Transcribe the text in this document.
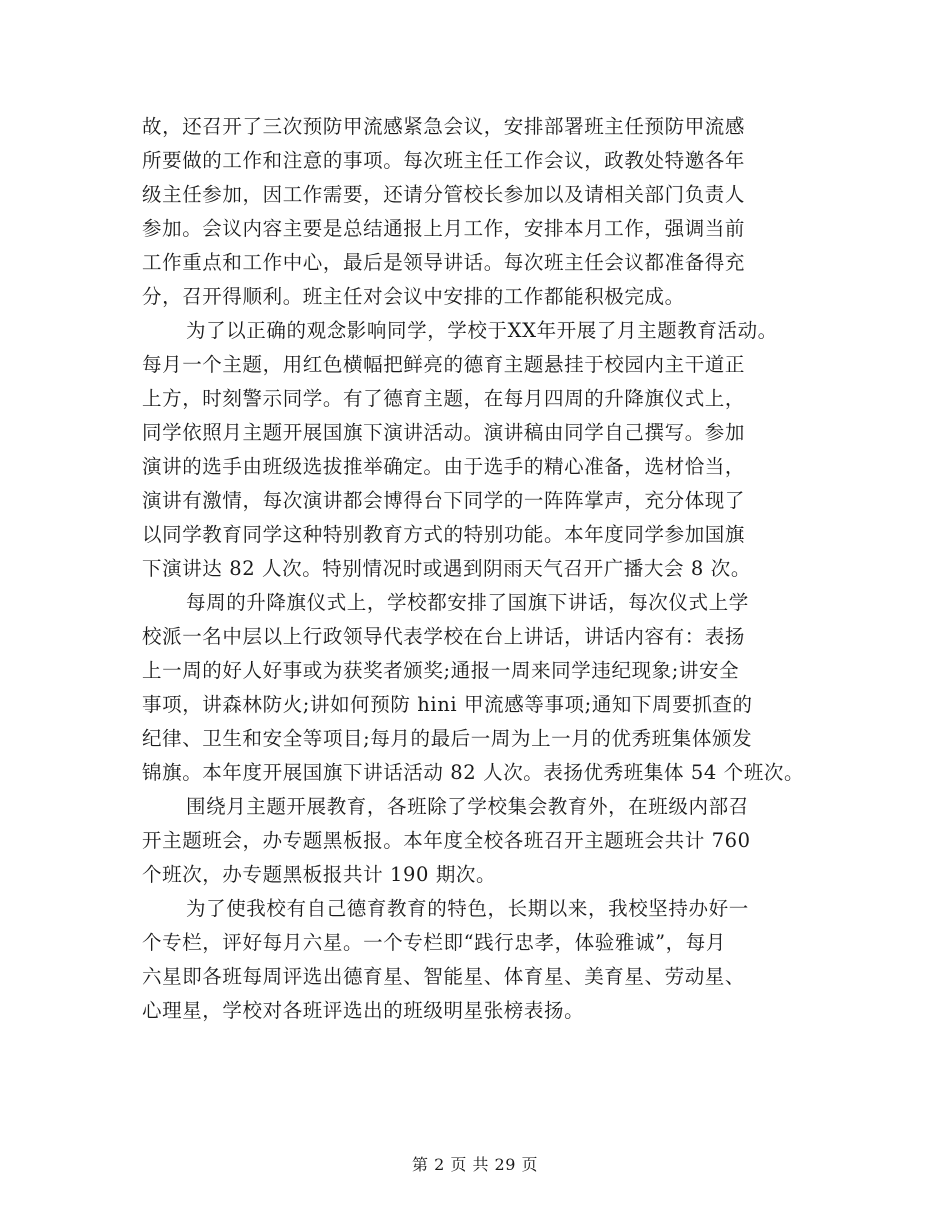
故，还召开了三次预防甲流感紧急会议，安排部署班主任预防甲流感
所要做的工作和注意的事项。每次班主任工作会议，政教处特邀各年
级主任参加，因工作需要，还请分管校长参加以及请相关部门负责人
参加。会议内容主要是总结通报上月工作，安排本月工作，强调当前
工作重点和工作中心，最后是领导讲话。每次班主任会议都准备得充
分，召开得顺利。班主任对会议中安排的工作都能积极完成。
为了以正确的观念影响同学，学校于XX年开展了月主题教育活动。
每月一个主题，用红色横幅把鲜亮的德育主题悬挂于校园内主干道正
上方，时刻警示同学。有了德育主题，在每月四周的升降旗仪式上，
同学依照月主题开展国旗下演讲活动。演讲稿由同学自己撰写。参加
演讲的选手由班级选拔推举确定。由于选手的精心准备，选材恰当，
演讲有激情，每次演讲都会博得台下同学的一阵阵掌声，充分体现了
以同学教育同学这种特别教育方式的特别功能。本年度同学参加国旗
下演讲达 82 人次。特别情况时或遇到阴雨天气召开广播大会 8 次。
每周的升降旗仪式上，学校都安排了国旗下讲话，每次仪式上学
校派一名中层以上行政领导代表学校在台上讲话，讲话内容有：表扬
上一周的好人好事或为获奖者颁奖;通报一周来同学违纪现象;讲安全
事项，讲森林防火;讲如何预防 hini 甲流感等事项;通知下周要抓查的
纪律、卫生和安全等项目;每月的最后一周为上一月的优秀班集体颁发
锦旗。本年度开展国旗下讲话活动 82 人次。表扬优秀班集体 54 个班次。
围绕月主题开展教育，各班除了学校集会教育外，在班级内部召
开主题班会，办专题黑板报。本年度全校各班召开主题班会共计 760
个班次，办专题黑板报共计 190 期次。
为了使我校有自己德育教育的特色，长期以来，我校坚持办好一
个专栏，评好每月六星。一个专栏即“践行忠孝，体验雅诚”，每月
六星即各班每周评选出德育星、智能星、体育星、美育星、劳动星、
心理星，学校对各班评选出的班级明星张榜表扬。
第 2 页 共 29 页
